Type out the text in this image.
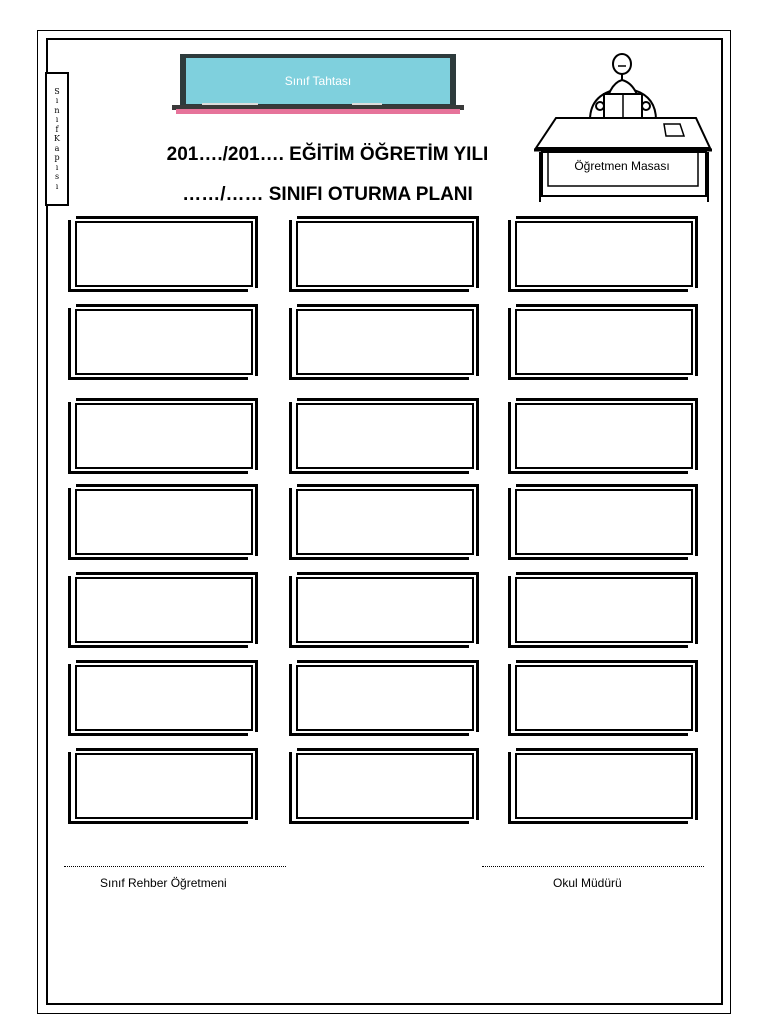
S
ı
n
ı
f
K
a
p
ı
s
ı
Sınıf Tahtası
201…./201…. EĞİTİM ÖĞRETİM YILI
……/…… SINIFI OTURMA PLANI
Öğretmen Masası
Sınıf Rehber Öğretmeni	Okul Müdürü
